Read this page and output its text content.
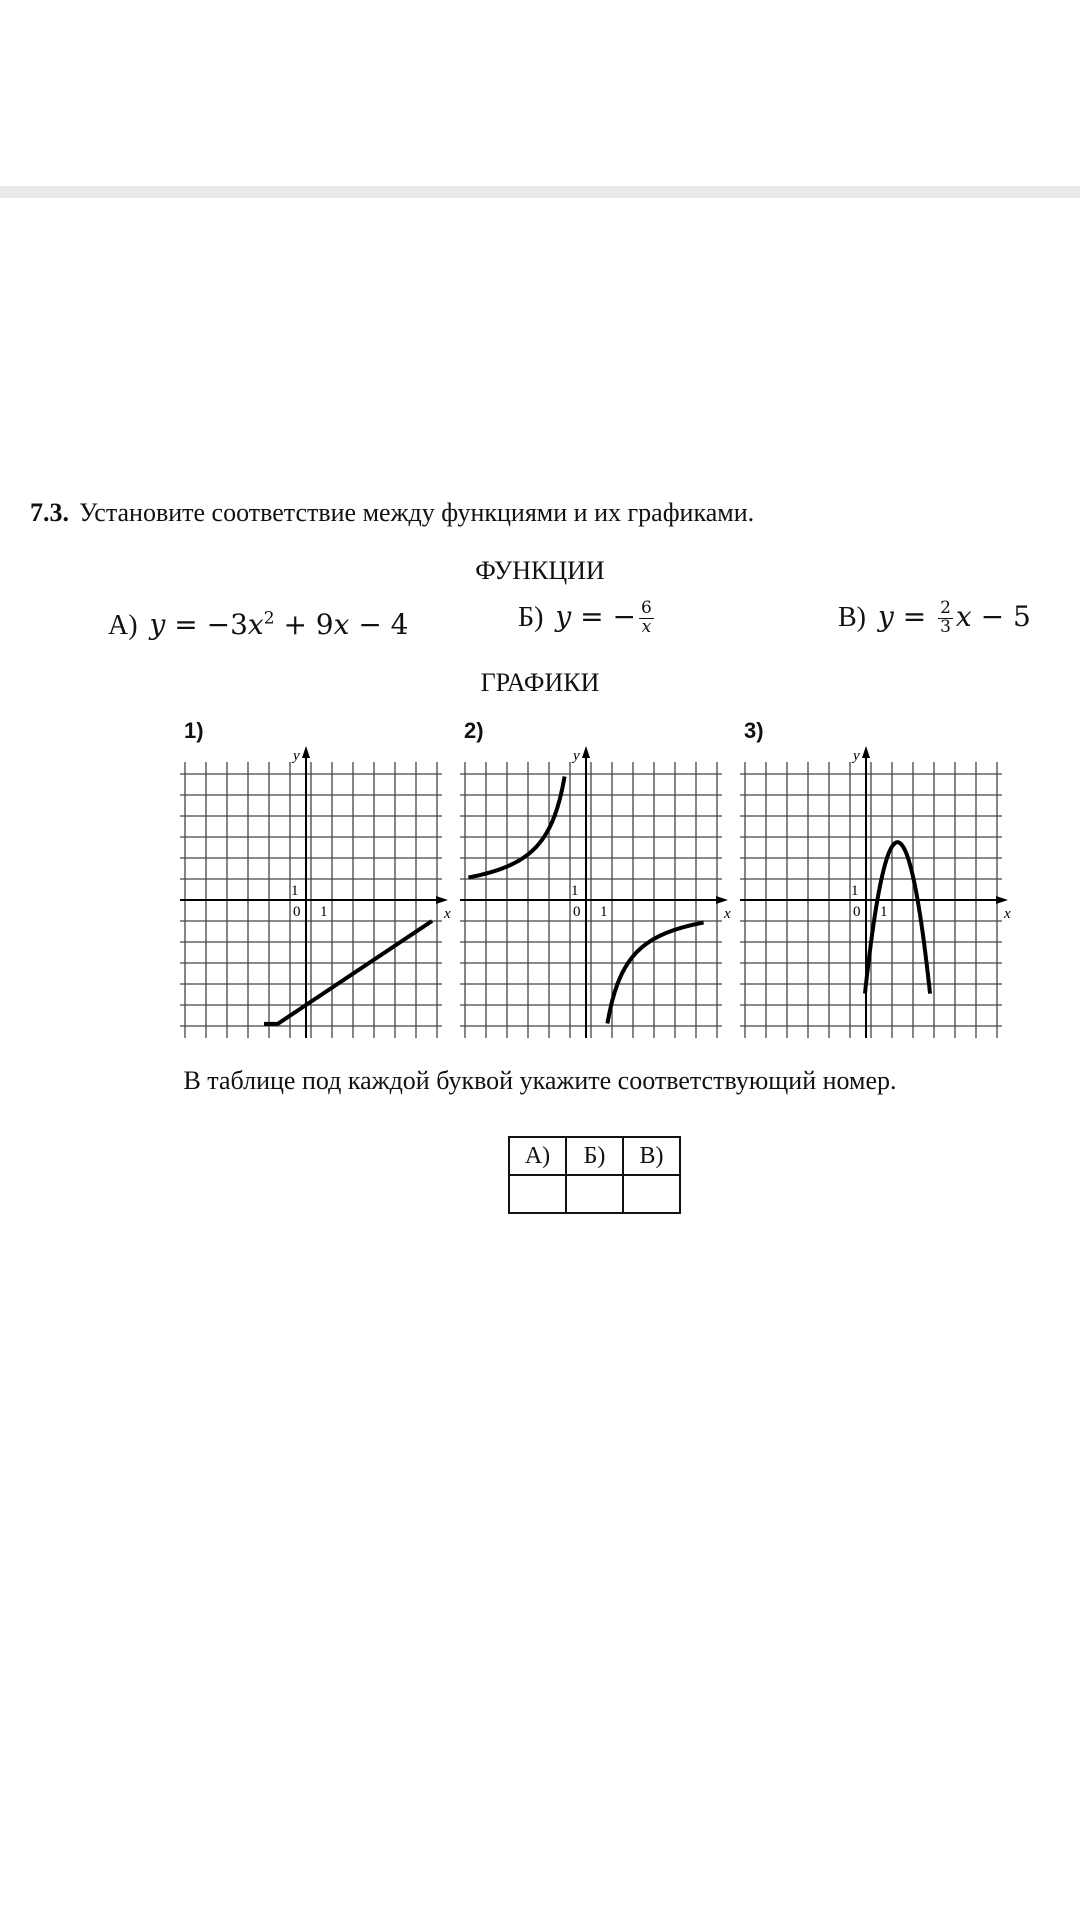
7.3. Установите соответствие между функциями и их графиками.
ФУНКЦИИ
А) $y = -3x^2 + 9x - 4$	Б) y = − $\frac{6}{x}$	В) $y = \frac{2}{3}$ x − 5
ГРАФИКИ
1)	2)	3)
x
y
1
0 1	x
y
1
0 1	x
y
1
0 1
В таблице под каждой буквой укажите соответствующий номер.
А)	Б)	В)
